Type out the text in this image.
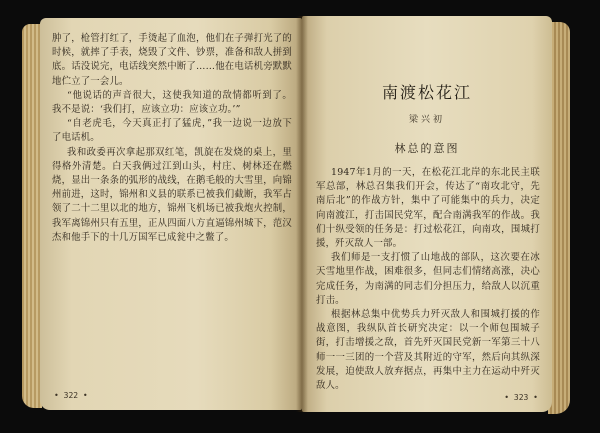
肿了，枪管打红了，手烫起了血泡，他们在子弹打光了的时候，就摔了手表，烧毁了文件、钞票，准备和敌人拼到底。话没说完，电话线突然中断了……他在电话机旁默默地伫立了一会儿。

“他说话的声音很大，这使我知道的敌情都听到了。我不是说：‘我们打，应该立功：应该立功。’”

“自老虎毛，今天真正打了猛虎，”我一边说一边放下了电话机。

我和政委再次拿起那双红笔，凯旋在发烧的桌上，里得格外清楚。白天我俩过江到山头，村庄、树林还在燃烧，显出一条条的弧形的战线，在鹅毛般的大雪里，向锦州前进，这时，锦州和义县的联系已被我们截断，我军占领了二十二里以北的地方，锦州飞机场已被我炮火控制，我军离锦州只有五里，正从四面八方直逼锦州城下，范汉杰和他手下的十几万国军已成瓮中之鳖了。

• 322 •
南渡松花江
梁兴初
林总的意图

1947年1月的一天，在松花江北岸的东北民主联军总部，林总召集我们开会，传达了“南攻北守，先南后北”的作战方针，集中了可能集中的兵力，决定向南渡江，打击国民党军，配合南满我军的作战。我们十纵受领的任务是：打过松花江，向南攻，围城打援，歼灭敌人一部。

我们师是一支打惯了山地战的部队，这次要在冰天雪地里作战，困难很多，但同志们情绪高涨，决心完成任务，为南满的同志们分担压力，给敌人以沉重打击。

根据林总集中优势兵力歼灭敌人和围城打援的作战意图，我纵队首长研究决定：以一个师包围城子街，打击增援之敌，首先歼灭国民党新一军第三十八师一一三团的一个营及其附近的守军，然后向其纵深发展，迫使敌人放弃据点，再集中主力在运动中歼灭敌人。

• 323 •
